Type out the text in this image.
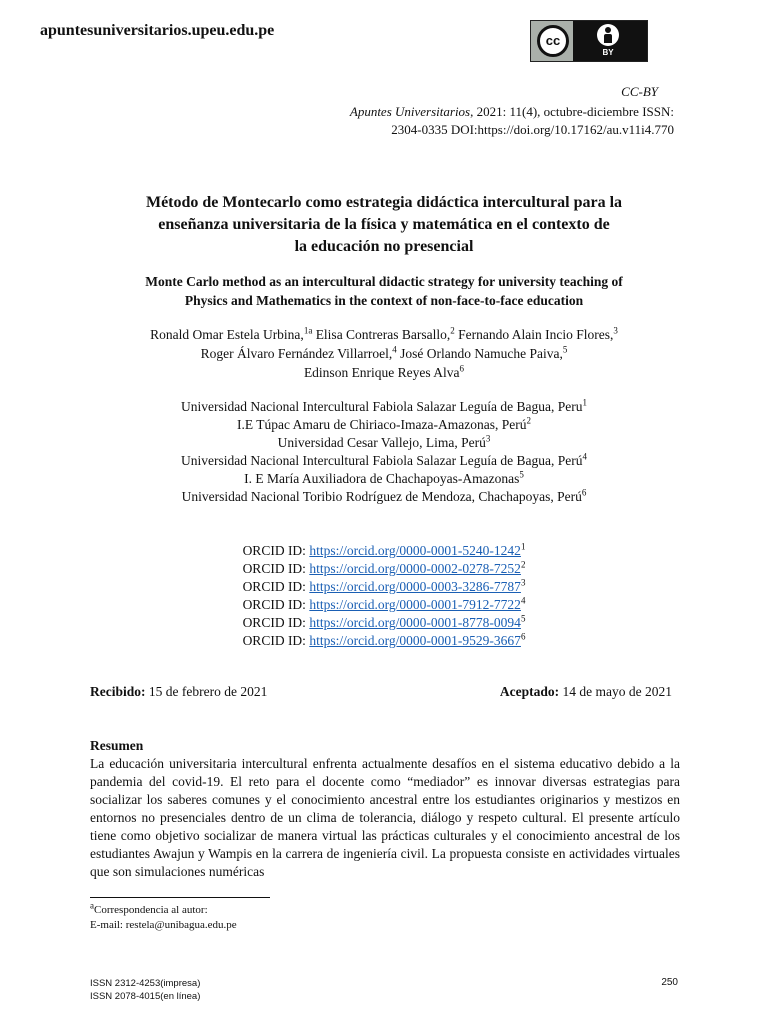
apuntesuniversitarios.upeu.edu.pe
cc
BY
CC-BY
Apuntes Universitarios, 2021: 11(4), octubre-diciembre ISSN:
2304-0335 DOI:https://doi.org/10.17162/au.v11i4.770
Método de Montecarlo como estrategia didáctica intercultural para la
enseñanza universitaria de la física y matemática en el contexto de
la educación no presencial
Monte Carlo method as an intercultural didactic strategy for university teaching of
Physics and Mathematics in the context of non-face-to-face education
Ronald Omar Estela Urbina,$^{1a}$ Elisa Contreras Barsallo,$^2$ Fernando Alain Incio Flores,$^3$
Roger Álvaro Fernández Villarroel,$^4$ José Orlando Namuche Paiva,$^5$
Edinson Enrique Reyes Alva$^6$
Universidad Nacional Intercultural Fabiola Salazar Leguía de Bagua, Peru$^1$
I.E Túpac Amaru de Chiriaco-Imaza-Amazonas, Perú$^2$
Universidad Cesar Vallejo, Lima, Perú$^3$
Universidad Nacional Intercultural Fabiola Salazar Leguía de Bagua, Perú$^4$
I. E María Auxiliadora de Chachapoyas-Amazonas$^5$
Universidad Nacional Toribio Rodríguez de Mendoza, Chachapoyas, Perú$^6$
ORCID ID: https://orcid.org/0000-0001-5240-1242$^1$
ORCID ID: https://orcid.org/0000-0002-0278-7252$^2$
ORCID ID: https://orcid.org/0000-0003-3286-7787$^3$
ORCID ID: https://orcid.org/0000-0001-7912-7722$^4$
ORCID ID: https://orcid.org/0000-0001-8778-0094$^5$
ORCID ID: https://orcid.org/0000-0001-9529-3667$^6$
Recibido: 15 de febrero de 2021	Aceptado: 14 de mayo de 2021
Resumen
La educación universitaria intercultural enfrenta actualmente desafíos en el sistema educativo debido a la pandemia del covid-19. El reto para el docente como “mediador” es innovar diversas estrategias para socializar los saberes comunes y el conocimiento ancestral entre los estudiantes originarios y mestizos en entornos no presenciales dentro de un clima de tolerancia, diálogo y respeto cultural. El presente artículo tiene como objetivo socializar de manera virtual las prácticas culturales y el conocimiento ancestral de los estudiantes Awajun y Wampis en la carrera de ingeniería civil. La propuesta consiste en actividades virtuales que son simulaciones numéricas
$^a$Correspondencia al autor:
E-mail: restela@unibagua.edu.pe
ISSN 2312-4253(impresa)
ISSN 2078-4015(en línea)
250
